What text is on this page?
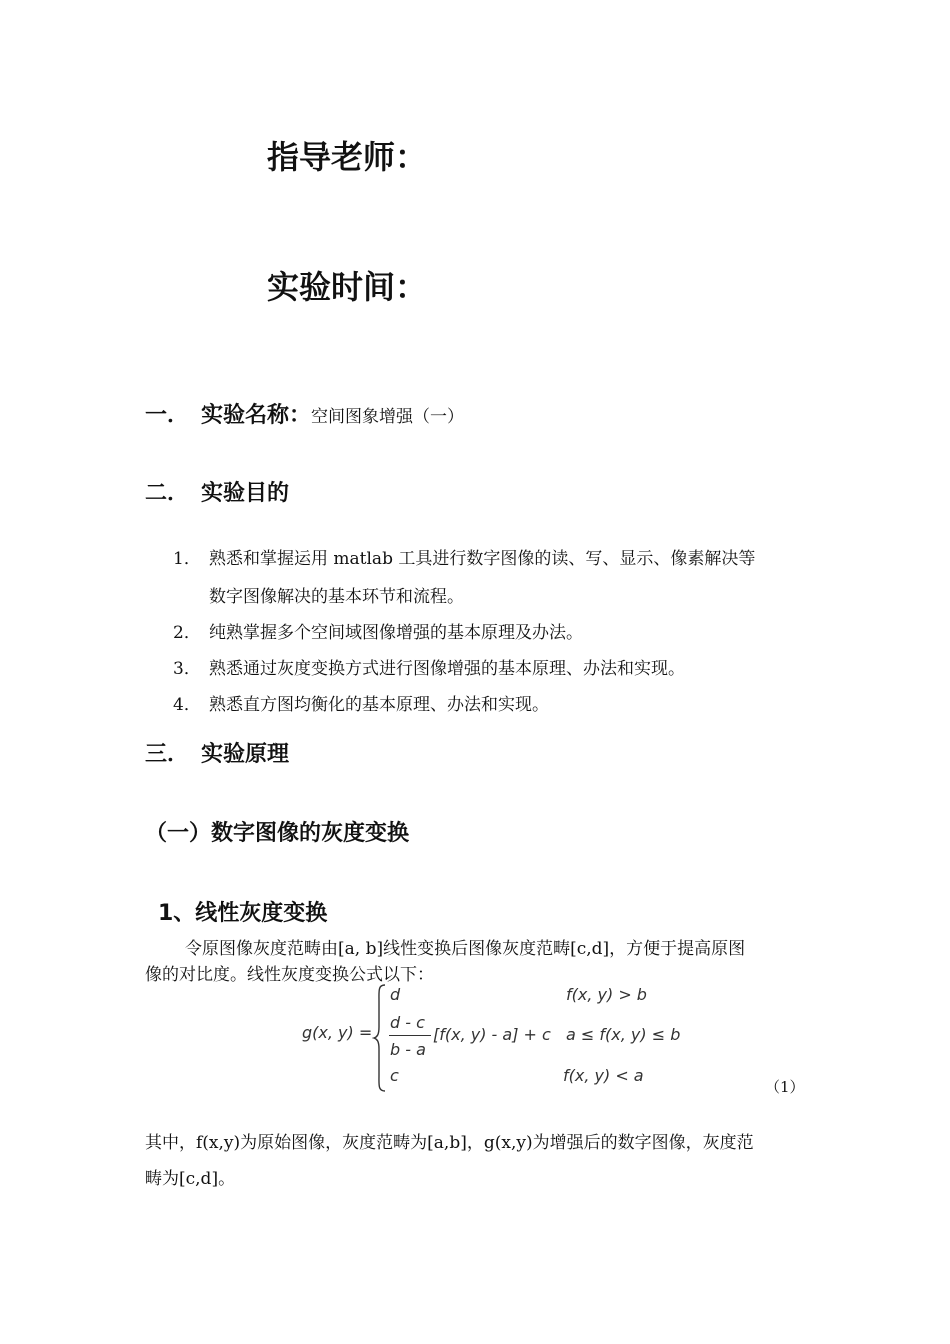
指导老师：
实验时间：
一． 实验名称：空间图象增强（一）
二． 实验目的
1． 熟悉和掌握运用 matlab 工具进行数字图像的读、写、显示、像素解决等
数字图像解决的基本环节和流程。
2． 纯熟掌握多个空间域图像增强的基本原理及办法。
3． 熟悉通过灰度变换方式进行图像增强的基本原理、办法和实现。
4． 熟悉直方图均衡化的基本原理、办法和实现。
三． 实验原理
（一）数字图像的灰度变换
1、线性灰度变换
令原图像灰度范畴由[a, b]线性变换后图像灰度范畴[c,d]，方便于提高原图
像的对比度。线性灰度变换公式以下：
g(x, y) =
d	f(x, y) > b
d - c
b - a
[f(x, y) - a] + c a ≤ f(x, y) ≤ b
c	f(x, y) < a
（1）
其中，f(x,y)为原始图像，灰度范畴为[a,b]，g(x,y)为增强后的数字图像，灰度范
畴为[c,d]。
